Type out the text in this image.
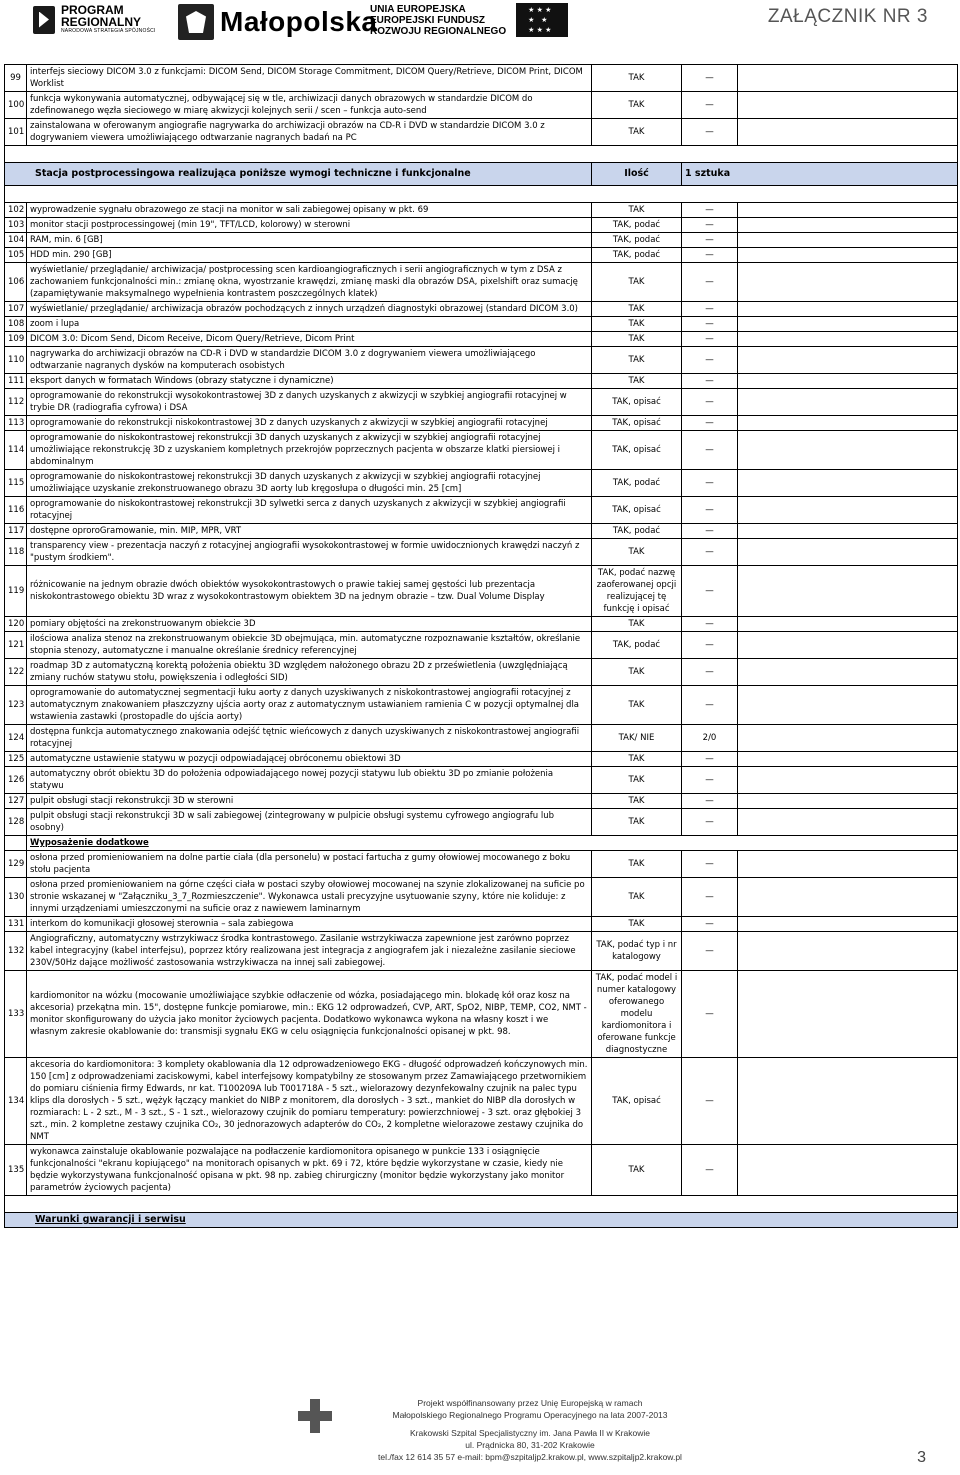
PROGRAM
REGIONALNY
NARODOWA STRATEGIA SPÓJNOŚCI Małopolska
UNIA EUROPEJSKA
EUROPEJSKI FUNDUSZ
ROZWOJU REGIONALNEGO
★ ★ ★ ★ ★ ★ ★ ★
ZAŁĄCZNIK NR 3
99	interfejs sieciowy DICOM 3.0 z funkcjami: DICOM Send, DICOM Storage Commitment, DICOM Query/Retrieve, DICOM Print, DICOM Worklist	TAK	—	
100	funkcja wykonywania automatycznej, odbywającej się w tle, archiwizacji danych obrazowych w standardzie DICOM do zdefinowanego węzła sieciowego w miarę akwizycji kolejnych serii / scen – funkcja auto-send	TAK	—	
101	zainstalowana w oferowanym angiografie nagrywarka do archiwizacji obrazów na CD-R i DVD w standardzie DICOM 3.0 z dogrywaniem viewera umożliwiającego odtwarzanie nagranych badań na PC	TAK	—	

Stacja postprocessingowa realizująca poniższe wymogi techniczne i funkcjonalne		Ilość	1 sztuka	

102	wyprowadzenie sygnału obrazowego ze stacji na monitor w sali zabiegowej opisany w pkt. 69	TAK	—	
103	monitor stacji postprocessingowej (min 19", TFT/LCD, kolorowy) w sterowni	TAK, podać	—	
104	RAM, min. 6 [GB]	TAK, podać	—	
105	HDD min. 290 [GB]	TAK, podać	—	
106	wyświetlanie/ przeglądanie/ archiwizacja/ postprocessing scen kardioangiograficznych i serii angiograficznych w tym z DSA z zachowaniem funkcjonalności min.: zmianę okna, wyostrzanie krawędzi, zmianę maski dla obrazów DSA, pixelshift oraz sumację (zapamiętywanie maksymalnego wypełnienia kontrastem poszczególnych klatek)	TAK	—	
107	wyświetlanie/ przeglądanie/ archiwizacja obrazów pochodzących z innych urządzeń diagnostyki obrazowej (standard DICOM 3.0)	TAK	—	
108	zoom i lupa	TAK	—	
109	DICOM 3.0: Dicom Send, Dicom Receive, Dicom Query/Retrieve, Dicom Print	TAK	—	
110	nagrywarka do archiwizacji obrazów na CD-R i DVD w standardzie DICOM 3.0 z dogrywaniem viewera umożliwiającego odtwarzanie nagranych dysków na komputerach osobistych	TAK	—	
111	eksport danych w formatach Windows (obrazy statyczne i dynamiczne)	TAK	—	
112	oprogramowanie do rekonstrukcji wysokokontrastowej 3D z danych uzyskanych z akwizycji w szybkiej angiografii rotacyjnej w trybie DR (radiografia cyfrowa) i DSA	TAK, opisać	—	
113	oprogramowanie do rekonstrukcji niskokontrastowej 3D z danych uzyskanych z akwizycji w szybkiej angiografii rotacyjnej	TAK, opisać	—	
114	oprogramowanie do niskokontrastowej rekonstrukcji 3D danych uzyskanych z akwizycji w szybkiej angiografii rotacyjnej umożliwiające rekonstrukcję 3D z uzyskaniem kompletnych przekrojów poprzecznych pacjenta w obszarze klatki piersiowej i abdominalnym	TAK, opisać	—	
115	oprogramowanie do niskokontrastowej rekonstrukcji 3D danych uzyskanych z akwizycji w szybkiej angiografii rotacyjnej umożliwiające uzyskanie zrekonstruowanego obrazu 3D aorty lub kręgosłupa o długości min. 25 [cm]	TAK, podać	—	
116	oprogramowanie do niskokontrastowej rekonstrukcji 3D sylwetki serca z danych uzyskanych z akwizycji w szybkiej angiografii rotacyjnej	TAK, opisać	—	
117	dostępne oproroGramowanie, min. MIP, MPR, VRT	TAK, podać	—	
118	transparency view - prezentacja naczyń z rotacyjnej angiografii wysokokontrastowej w formie uwidocznionych krawędzi naczyń z "pustym środkiem".	TAK	—	
119	różnicowanie na jednym obrazie dwóch obiektów wysokokontrastowych o prawie takiej samej gęstości lub prezentacja niskokontrastowego obiektu 3D wraz z wysokokontrastowym obiektem 3D na jednym obrazie – tzw. Dual Volume Display	TAK, podać nazwę zaoferowanej opcji realizującej tę funkcję i opisać	—	
120	pomiary objętości na zrekonstruowanym obiekcie 3D	TAK	—	
121	ilościowa analiza stenoz na zrekonstruowanym obiekcie 3D obejmująca, min. automatyczne rozpoznawanie kształtów, określanie stopnia stenozy, automatyczne i manualne określanie średnicy referencyjnej	TAK, podać	—	
122	roadmap 3D z automatyczną korektą położenia obiektu 3D względem nałożonego obrazu 2D z prześwietlenia (uwzględniającą zmiany ruchów statywu stołu, powiększenia i odległości SID)	TAK	—	
123	oprogramowanie do automatycznej segmentacji łuku aorty z danych uzyskiwanych z niskokontrastowej angiografii rotacyjnej z automatycznym znakowaniem płaszczyzny ujścia aorty oraz z automatycznym ustawianiem ramienia C w pozycji optymalnej dla wstawienia zastawki (prostopadle do ujścia aorty)	TAK	—	
124	dostępna funkcja automatycznego znakowania odejść tętnic wieńcowych z danych uzyskiwanych z niskokontrastowej angiografii rotacyjnej	TAK/ NIE	2/0	
125	automatyczne ustawienie statywu w pozycji odpowiadającej obróconemu obiektowi 3D	TAK	—	
126	automatyczny obrót obiektu 3D do położenia odpowiadającego nowej pozycji statywu lub obiektu 3D po zmianie położenia statywu	TAK	—	
127	pulpit obsługi stacji rekonstrukcji 3D w sterowni	TAK	—	
128	pulpit obsługi stacji rekonstrukcji 3D w sali zabiegowej (zintegrowany w pulpicie obsługi systemu cyfrowego angiografu lub osobny)	TAK	—	
	Wyposażenie dodatkowe			
129	osłona przed promieniowaniem na dolne partie ciała (dla personelu) w postaci fartucha z gumy ołowiowej mocowanego z boku stołu pacjenta	TAK	—	
130	osłona przed promieniowaniem na górne części ciała w postaci szyby ołowiowej mocowanej na szynie zlokalizowanej na suficie po stronie wskazanej w "Załączniku_3_7_Rozmieszczenie". Wykonawca ustali precyzyjne usytuowanie szyny, które nie koliduje: z innymi urządzeniami umieszczonymi na suficie oraz z nawiewem laminarnym	TAK	—	
131	interkom do komunikacji głosowej sterownia – sala zabiegowa	TAK	—	
132	Angiograficzny, automatyczny wstrzykiwacz środka kontrastowego. Zasilanie wstrzykiwacza zapewnione jest zarówno poprzez kabel integracyjny (kabel interfejsu), poprzez który realizowana jest integracja z angiografem jak i niezależne zasilanie sieciowe 230V/50Hz dające możliwość zastosowania wstrzykiwacza na innej sali zabiegowej.	TAK, podać typ i nr katalogowy	—	
133	kardiomonitor na wózku (mocowanie umożliwiające szybkie odłaczenie od wózka, posiadającego min. blokadę kół oraz kosz na akcesoria) przekątna min. 15", dostępne funkcje pomiarowe, min.: EKG 12 odprowadzeń, CVP, ART, SpO2, NIBP, TEMP, CO2, NMT - monitor skonfigurowany do użycia jako monitor życiowych pacjenta. Dodatkowo wykonawca wykona na własny koszt i we własnym zakresie okablowanie do: transmisji sygnału EKG w celu osiągnięcia funkcjonalności opisanej w pkt. 98.	TAK, podać model i numer katalogowy oferowanego modelu kardiomonitora i oferowane funkcje diagnostyczne	—	
134	akcesoria do kardiomonitora: 3 komplety okablowania dla 12 odprowadzeniowego EKG - długość odprowadzeń kończynowych min. 150 [cm] z odprowadzeniami zaciskowymi, kabel interfejsowy kompatybilny ze stosowanym przez Zamawiającego przetwornikiem do pomiaru ciśnienia firmy Edwards, nr kat. T100209A lub T001718A - 5 szt., wielorazowy dezynfekowalny czujnik na palec typu klips dla dorosłych - 5 szt., wężyk łączący mankiet do NIBP z monitorem, dla dorosłych - 3 szt., mankiet do NIBP dla dorosłych w rozmiarach: L - 2 szt., M - 3 szt., S - 1 szt., wielorazowy czujnik do pomiaru temperatury: powierzchniowej - 3 szt. oraz głębokiej 3 szt., min. 2 kompletne zestawy czujnika CO₂, 30 jednorazowych adapterów do CO₂, 2 kompletne wielorazowe zestawy czujnika do NMT	TAK, opisać	—	
135	wykonawca zainstaluje okablowanie pozwalające na podłaczenie kardiomonitora opisanego w punkcie 133 i osiągnięcie funkcjonalności "ekranu kopiującego" na monitorach opisanych w pkt. 69 i 72, które będzie wykorzystane w czasie, kiedy nie będzie wykorzystywana funkcjonalność opisana w pkt. 98 np. zabieg chirurgiczny (monitor będzie wykorzystany jako monitor parametrów życiowych pacjenta)	TAK	—	

Warunki gwarancji i serwisu				
Projekt współfinansowany przez Unię Europejską w ramach
Małopolskiego Regionalnego Programu Operacyjnego na lata 2007-2013
Krakowski Szpital Specjalistyczny im. Jana Pawła II w Krakowie
ul. Prądnicka 80, 31-202 Krakowie
tel./fax 12 614 35 57 e-mail: bpm@szpitaljp2.krakow.pl, www.szpitaljp2.krakow.pl	3
